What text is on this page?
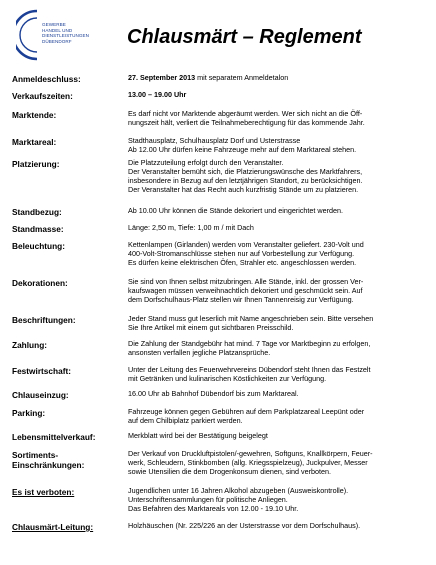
GEWERBE
HANDEL UND
DIENSTLEISTUNGEN
DÜBENDORF	Chlausmärt – Reglement
Anmeldeschluss:	27. September 2013 mit separatem Anmeldetalon
Verkaufszeiten:	13.00 – 19.00 Uhr
Marktende:	Es darf nicht vor Marktende abgeräumt werden. Wer sich nicht an die Öff-
nungszeit hält, verliert die Teilnahmeberechtigung für das kommende Jahr.
Marktareal:	Stadthausplatz, Schulhausplatz Dorf und Usterstrasse
Ab 12.00 Uhr dürfen keine Fahrzeuge mehr auf dem Marktareal stehen.
Platzierung:	Die Platzzuteilung erfolgt durch den Veranstalter.
Der Veranstalter bemüht sich, die Platzierungswünsche des Marktfahrers,
insbesondere in Bezug auf den letztjährigen Standort, zu berücksichtigen.
Der Veranstalter hat das Recht auch kurzfristig Stände um zu platzieren.
Standbezug:	Ab 10.00 Uhr können die Stände dekoriert und eingerichtet werden.
Standmasse:	Länge: 2,50 m, Tiefe: 1,00 m / mit Dach
Beleuchtung:	Kettenlampen (Girlanden) werden vom Veranstalter geliefert. 230-Volt und
400-Volt-Stromanschlüsse stehen nur auf Vorbestellung zur Verfügung.
Es dürfen keine elektrischen Öfen, Strahler etc. angeschlossen werden.
Dekorationen:	Sie sind von Ihnen selbst mitzubringen. Alle Stände, inkl. der grossen Ver-
kaufswagen müssen verweihnachtlich dekoriert und geschmückt sein. Auf
dem Dorfschulhaus-Platz stellen wir Ihnen Tannenreisig zur Verfügung.
Beschriftungen:	Jeder Stand muss gut leserlich mit Name angeschrieben sein. Bitte versehen
Sie Ihre Artikel mit einem gut sichtbaren Preisschild.
Zahlung:	Die Zahlung der Standgebühr hat mind. 7 Tage vor Marktbeginn zu erfolgen,
ansonsten verfallen jegliche Platzansprüche.
Festwirtschaft:	Unter der Leitung des Feuerwehrvereins Dübendorf steht Ihnen das Festzelt
mit Getränken und kulinarischen Köstlichkeiten zur Verfügung.
Chlauseinzug:	16.00 Uhr ab Bahnhof Dübendorf bis zum Marktareal.
Parking:	Fahrzeuge können gegen Gebühren auf dem Parkplatzareal Leepünt oder
auf dem Chilbiplatz parkiert werden.
Lebensmittelverkauf:	Merkblatt wird bei der Bestätigung beigelegt
Sortiments-
Einschränkungen:
Der Verkauf von Druckluftpistolen/-gewehren, Softguns, Knallkörpern, Feuer-
werk, Schleudern, Stinkbomben (allg. Kriegsspielzeug), Juckpulver, Messer
sowie Utensilien die dem Drogenkonsum dienen, sind verboten.
Es ist verboten:	Jugendlichen unter 16 Jahren Alkohol abzugeben (Ausweiskontrolle).
Unterschriftensammlungen für politische Anliegen.
Das Befahren des Marktareals von 12.00 - 19.10 Uhr.
Chlausmärt-Leitung:	Holzhäuschen (Nr. 225/226 an der Usterstrasse vor dem Dorfschulhaus).
